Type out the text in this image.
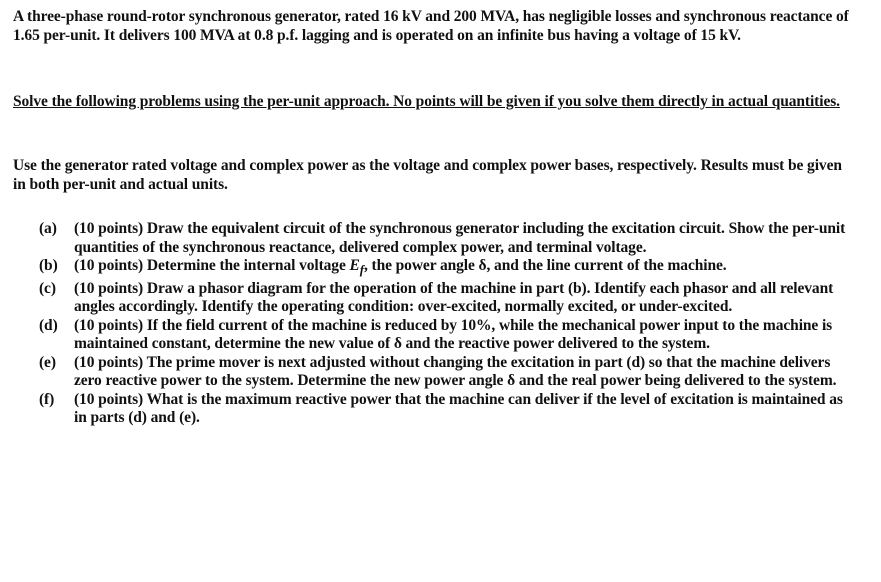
A three-phase round-rotor synchronous generator, rated 16 kV and 200 MVA, has negligible losses and synchronous reactance of 1.65 per-unit. It delivers 100 MVA at 0.8 p.f. lagging and is operated on an infinite bus having a voltage of 15 kV.

Solve the following problems using the per-unit approach. No points will be given if you solve them directly in actual quantities.

Use the generator rated voltage and complex power as the voltage and complex power bases, respectively. Results must be given in both per-unit and actual units.

(a)	(10 points) Draw the equivalent circuit of the synchronous generator including the excitation circuit. Show the per-unit quantities of the synchronous reactance, delivered complex power, and terminal voltage.
(b)	(10 points) Determine the internal voltage $E_f$, the power angle δ, and the line current of the machine.
(c)	(10 points) Draw a phasor diagram for the operation of the machine in part (b). Identify each phasor and all relevant angles accordingly. Identify the operating condition: over-excited, normally excited, or under-excited.
(d)	(10 points) If the field current of the machine is reduced by 10%, while the mechanical power input to the machine is maintained constant, determine the new value of δ and the reactive power delivered to the system.
(e)	(10 points) The prime mover is next adjusted without changing the excitation in part (d) so that the machine delivers zero reactive power to the system. Determine the new power angle δ and the real power being delivered to the system.
(f)	(10 points) What is the maximum reactive power that the machine can deliver if the level of excitation is maintained as in parts (d) and (e).
